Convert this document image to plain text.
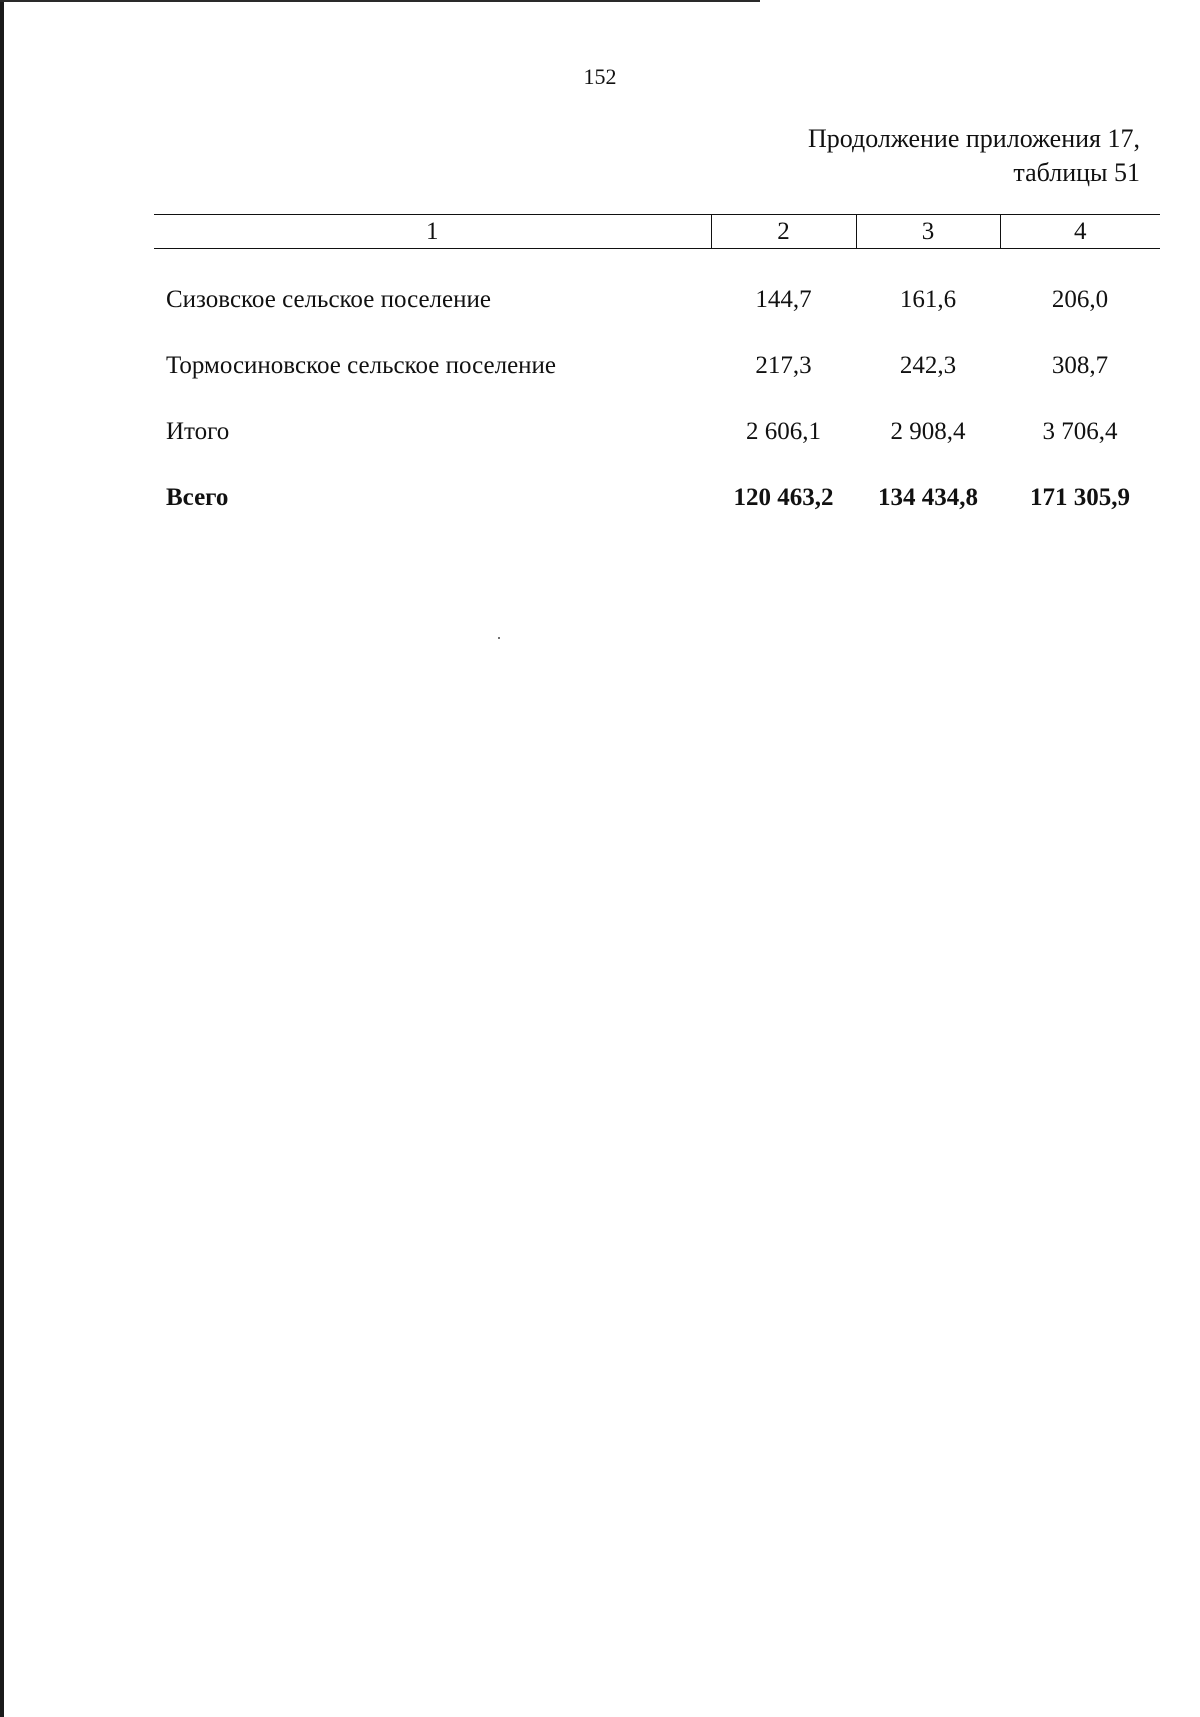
152
Продолжение приложения 17,
таблицы 51
1	2	3	4
Сизовское сельское поселение	144,7	161,6	206,0
Тормосиновское сельское поселение	217,3	242,3	308,7
Итого	2 606,1	2 908,4	3 706,4
Всего	120 463,2	134 434,8	171 305,9
